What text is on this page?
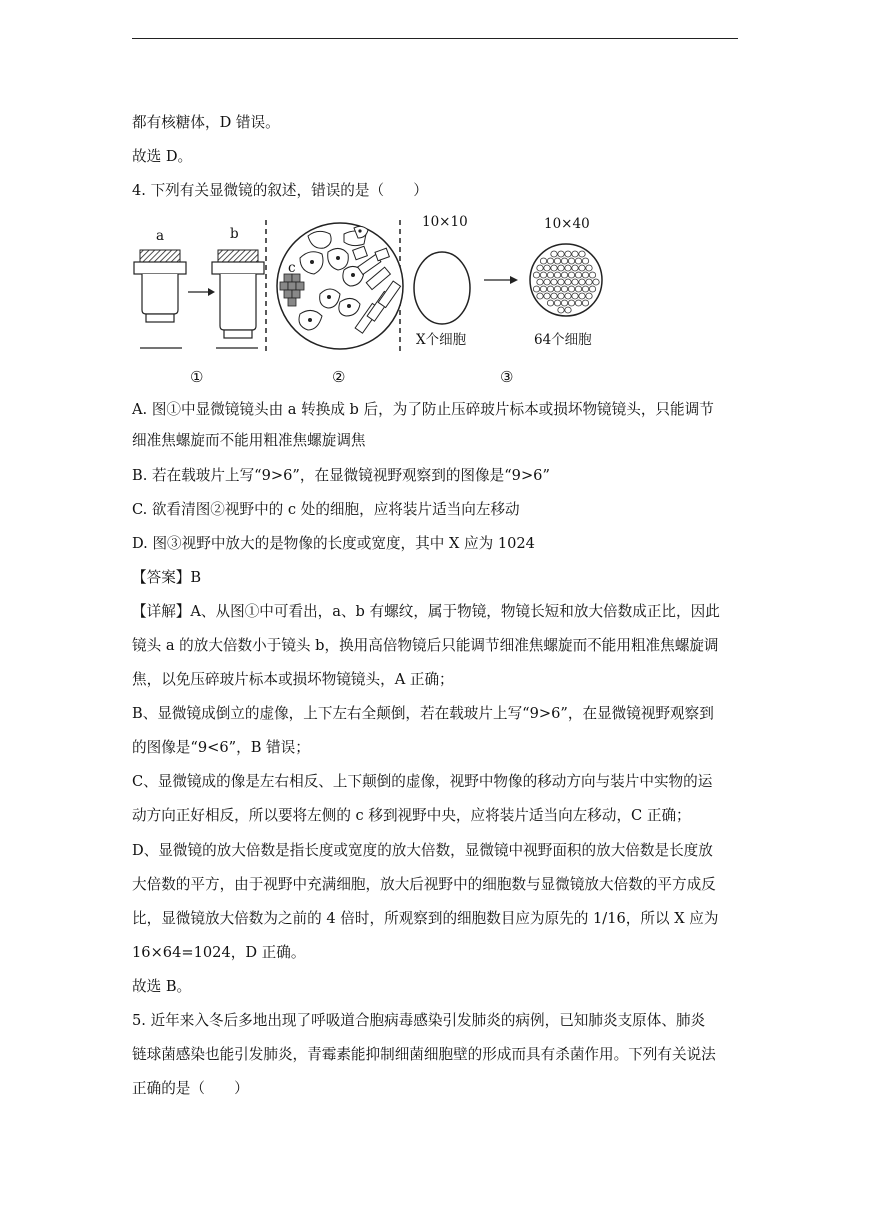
都有核糖体，D 错误。
故选 D。
4. 下列有关显微镜的叙述，错误的是（　　）
a	b
c
10×10	10×40
X个细胞	64个细胞
①	②	③
A. 图①中显微镜镜头由 a 转换成 b 后，为了防止压碎玻片标本或损坏物镜镜头，只能调节
细准焦螺旋而不能用粗准焦螺旋调焦
B. 若在载玻片上写“9>6”，在显微镜视野观察到的图像是“9>6”
C. 欲看清图②视野中的 c 处的细胞，应将装片适当向左移动
D. 图③视野中放大的是物像的长度或宽度，其中 X 应为 1024
【答案】B
【详解】A、从图①中可看出，a、b 有螺纹，属于物镜，物镜长短和放大倍数成正比，因此
镜头 a 的放大倍数小于镜头 b，换用高倍物镜后只能调节细准焦螺旋而不能用粗准焦螺旋调
焦，以免压碎玻片标本或损坏物镜镜头，A 正确；
B、显微镜成倒立的虚像，上下左右全颠倒，若在载玻片上写“9>6”，在显微镜视野观察到
的图像是“9<6”，B 错误；
C、显微镜成的像是左右相反、上下颠倒的虚像，视野中物像的移动方向与装片中实物的运
动方向正好相反，所以要将左侧的 c 移到视野中央，应将装片适当向左移动，C 正确；
D、显微镜的放大倍数是指长度或宽度的放大倍数，显微镜中视野面积的放大倍数是长度放
大倍数的平方，由于视野中充满细胞，放大后视野中的细胞数与显微镜放大倍数的平方成反
比，显微镜放大倍数为之前的 4 倍时，所观察到的细胞数目应为原先的 1/16，所以 X 应为
16×64=1024，D 正确。
故选 B。
5. 近年来入冬后多地出现了呼吸道合胞病毒感染引发肺炎的病例，已知肺炎支原体、肺炎
链球菌感染也能引发肺炎，青霉素能抑制细菌细胞壁的形成而具有杀菌作用。下列有关说法
正确的是（　　）
